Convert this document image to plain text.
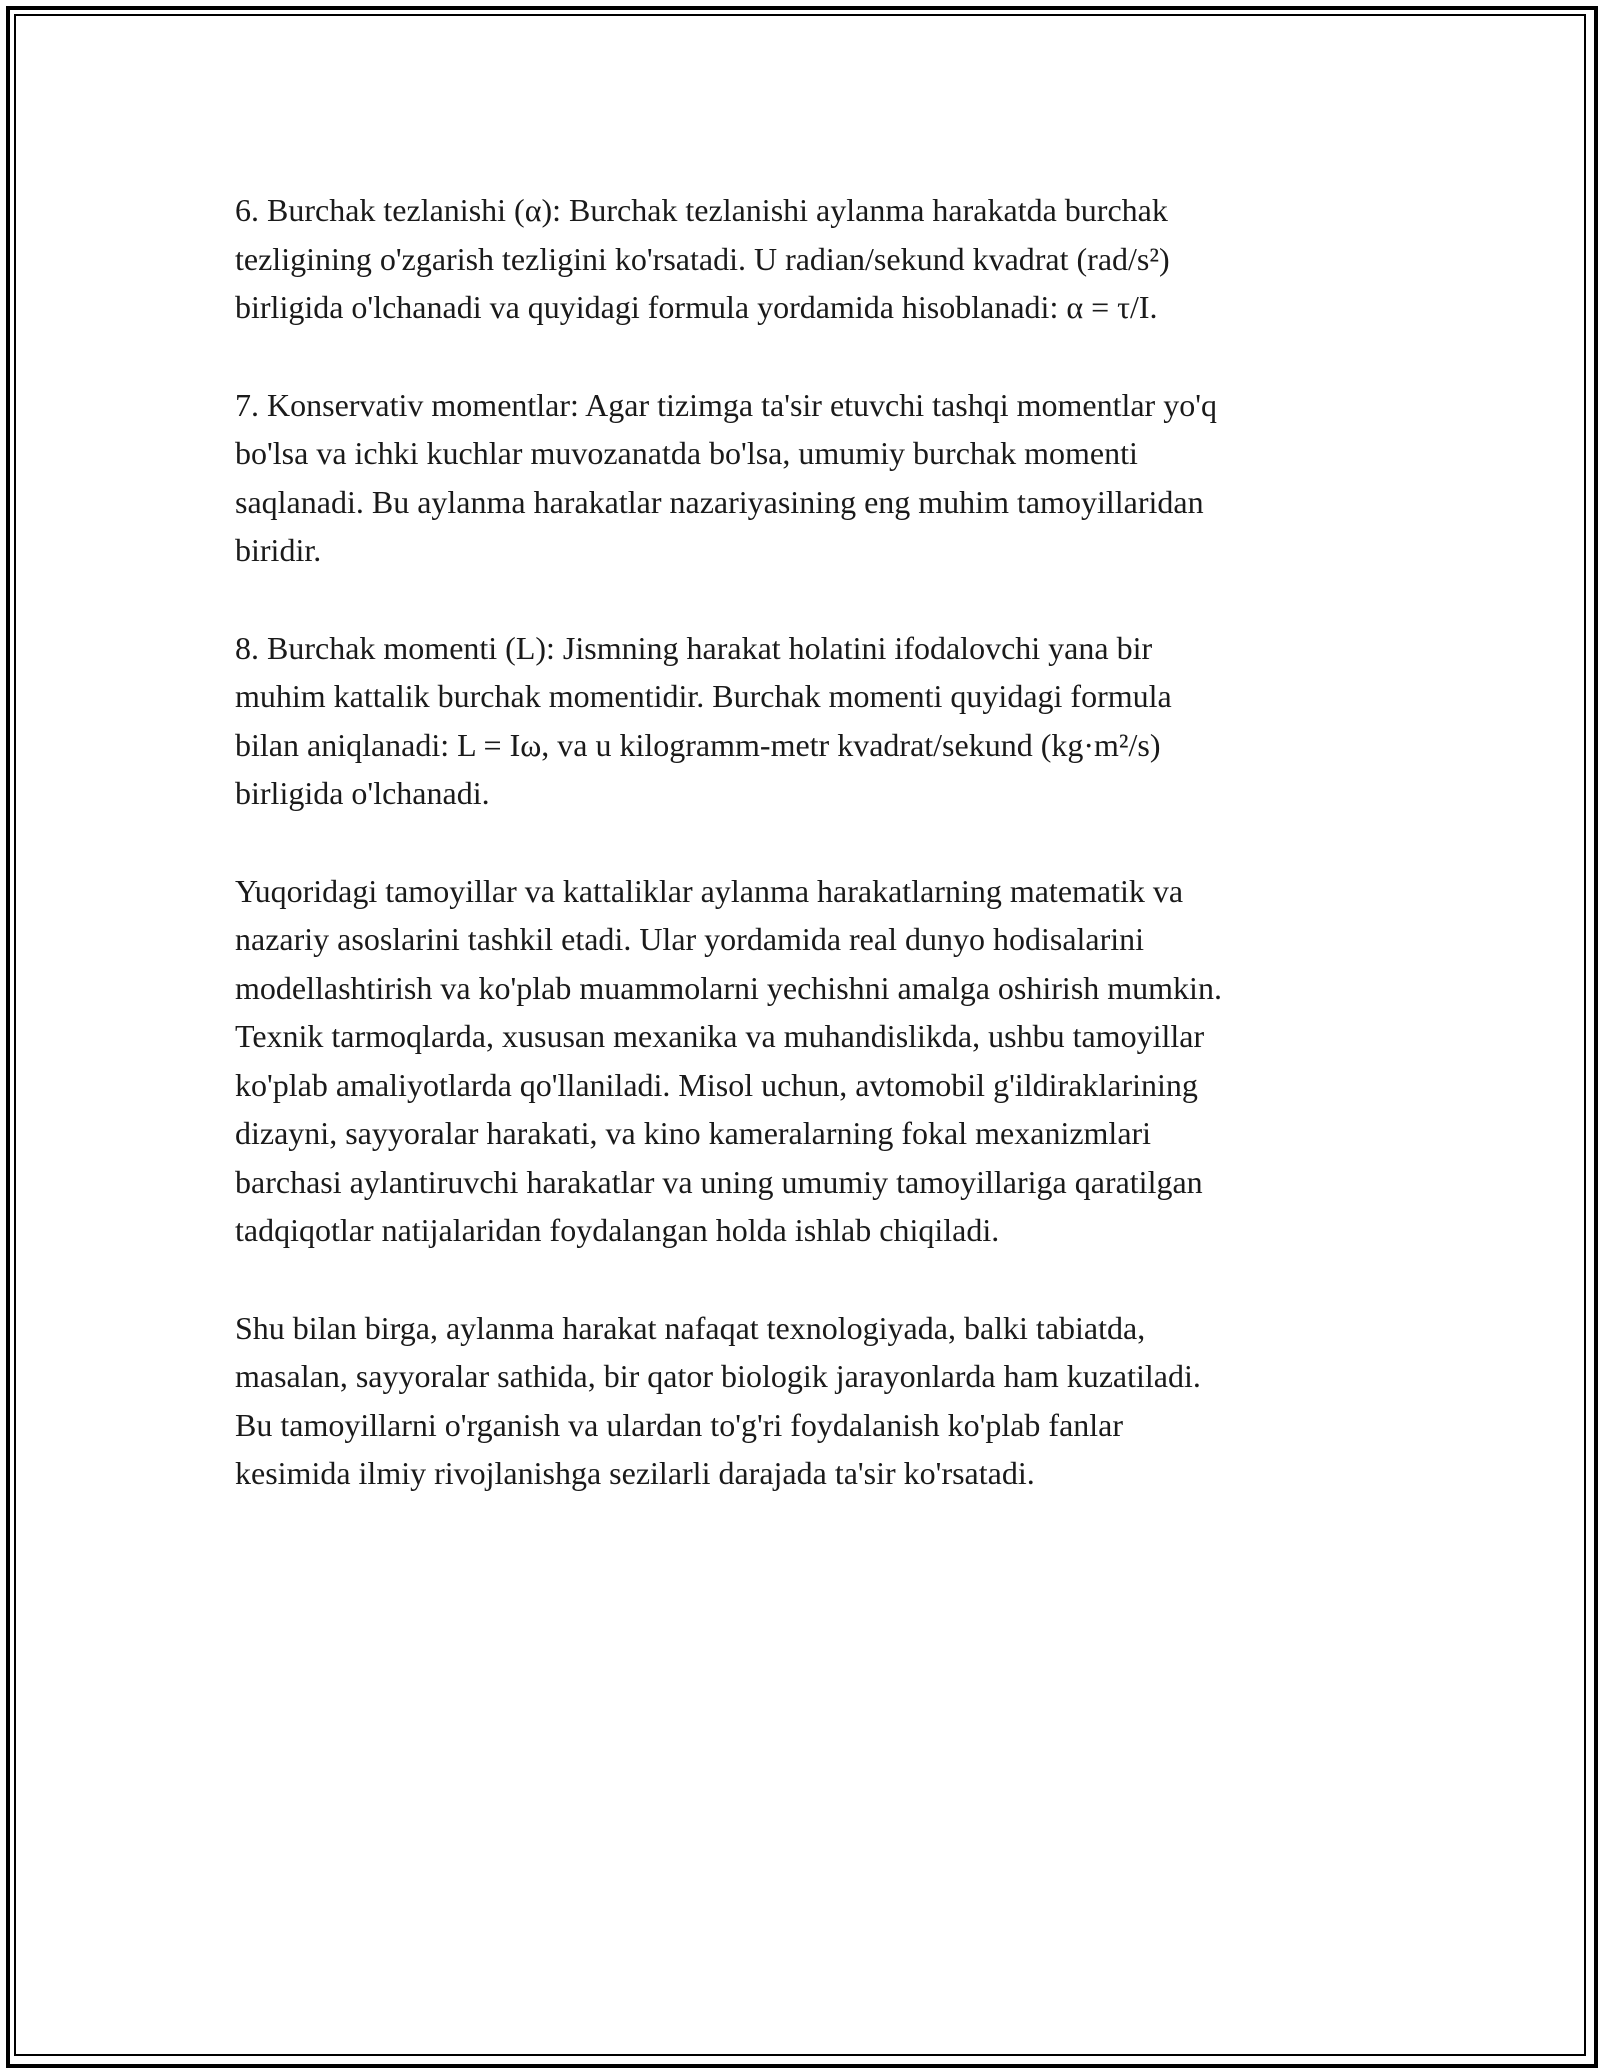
6. Burchak tezlanishi (α): Burchak tezlanishi aylanma harakatda burchak
tezligining o'zgarish tezligini ko'rsatadi. U radian/sekund kvadrat (rad/s²)
birligida o'lchanadi va quyidagi formula yordamida hisoblanadi: α = τ/I.

7. Konservativ momentlar: Agar tizimga ta'sir etuvchi tashqi momentlar yo'q
bo'lsa va ichki kuchlar muvozanatda bo'lsa, umumiy burchak momenti
saqlanadi. Bu aylanma harakatlar nazariyasining eng muhim tamoyillaridan
biridir.

8. Burchak momenti (L): Jismning harakat holatini ifodalovchi yana bir
muhim kattalik burchak momentidir. Burchak momenti quyidagi formula
bilan aniqlanadi: L = Iω, va u kilogramm-metr kvadrat/sekund (kg·m²/s)
birligida o'lchanadi.

Yuqoridagi tamoyillar va kattaliklar aylanma harakatlarning matematik va
nazariy asoslarini tashkil etadi. Ular yordamida real dunyo hodisalarini
modellashtirish va ko'plab muammolarni yechishni amalga oshirish mumkin.
Texnik tarmoqlarda, xususan mexanika va muhandislikda, ushbu tamoyillar
ko'plab amaliyotlarda qo'llaniladi. Misol uchun, avtomobil g'ildiraklarining
dizayni, sayyoralar harakati, va kino kameralarning fokal mexanizmlari
barchasi aylantiruvchi harakatlar va uning umumiy tamoyillariga qaratilgan
tadqiqotlar natijalaridan foydalangan holda ishlab chiqiladi.

Shu bilan birga, aylanma harakat nafaqat texnologiyada, balki tabiatda,
masalan, sayyoralar sathida, bir qator biologik jarayonlarda ham kuzatiladi.
Bu tamoyillarni o'rganish va ulardan to'g'ri foydalanish ko'plab fanlar
kesimida ilmiy rivojlanishga sezilarli darajada ta'sir ko'rsatadi.
